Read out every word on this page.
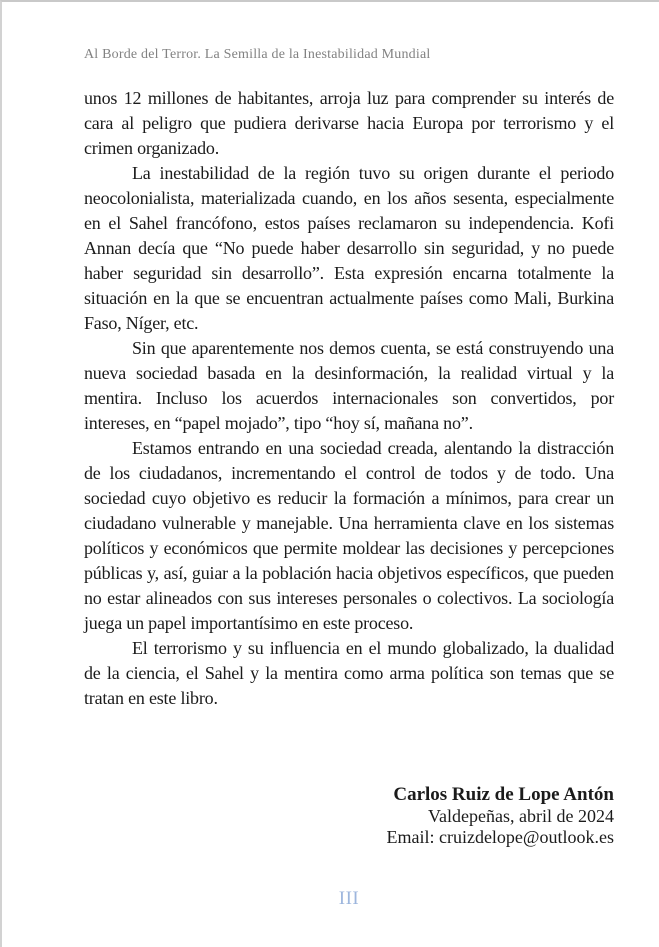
Al Borde del Terror. La Semilla de la Inestabilidad Mundial

unos 12 millones de habitantes, arroja luz para comprender su interés de cara al peligro que pudiera derivarse hacia Europa por terrorismo y el crimen organizado.

La inestabilidad de la región tuvo su origen durante el periodo neocolonialista, materializada cuando, en los años sesenta, especialmente en el Sahel francófono, estos países reclamaron su independencia. Kofi Annan decía que “No puede haber desarrollo sin seguridad, y no puede haber seguridad sin desarrollo”. Esta expresión encarna totalmente la situación en la que se encuentran actualmente países como Mali, Burkina Faso, Níger, etc.

Sin que aparentemente nos demos cuenta, se está construyendo una nueva sociedad basada en la desinformación, la realidad virtual y la mentira. Incluso los acuerdos internacionales son convertidos, por intereses, en “papel mojado”, tipo “hoy sí, mañana no”.

Estamos entrando en una sociedad creada, alentando la distracción de los ciudadanos, incrementando el control de todos y de todo. Una sociedad cuyo objetivo es reducir la formación a mínimos, para crear un ciudadano vulnerable y manejable. Una herramienta clave en los sistemas políticos y económicos que permite moldear las decisiones y percepciones públicas y, así, guiar a la población hacia objetivos específicos, que pueden no estar alineados con sus intereses personales o colectivos. La sociología juega un papel importantísimo en este proceso.

El terrorismo y su influencia en el mundo globalizado, la dualidad de la ciencia, el Sahel y la mentira como arma política son temas que se tratan en este libro.

Carlos Ruiz de Lope Antón
Valdepeñas, abril de 2024
Email: cruizdelope@outlook.es
III
